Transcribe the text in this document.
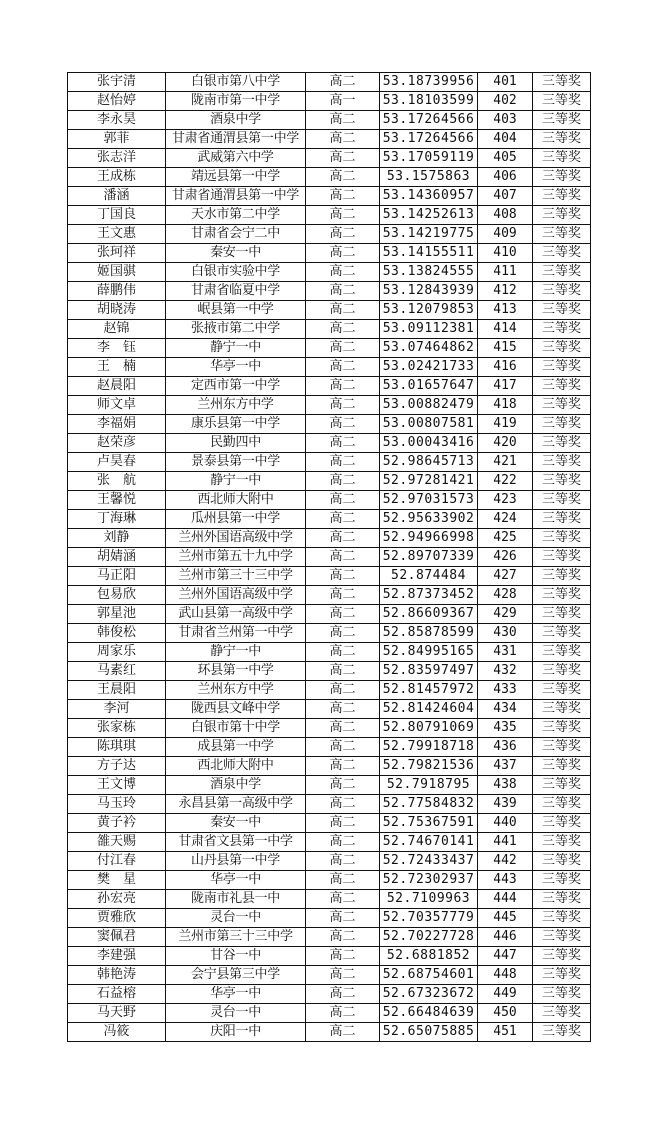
张宇清	白银市第八中学	高二	53.18739956	401	三等奖
赵怡婷	陇南市第一中学	高一	53.18103599	402	三等奖
李永昊	酒泉中学	高二	53.17264566	403	三等奖
郭菲	甘肃省通渭县第一中学	高二	53.17264566	404	三等奖
张志洋	武威第六中学	高二	53.17059119	405	三等奖
王成栋	靖远县第一中学	高二	53.1575863	406	三等奖
潘涵	甘肃省通渭县第一中学	高二	53.14360957	407	三等奖
丁国良	天水市第二中学	高二	53.14252613	408	三等奖
王文惠	甘肃省会宁二中	高二	53.14219775	409	三等奖
张珂祥	秦安一中	高二	53.14155511	410	三等奖
姬国骐	白银市实验中学	高二	53.13824555	411	三等奖
薛鹏伟	甘肃省临夏中学	高二	53.12843939	412	三等奖
胡晓涛	岷县第一中学	高二	53.12079853	413	三等奖
赵锦	张掖市第二中学	高二	53.09112381	414	三等奖
李　钰	静宁一中	高二	53.07464862	415	三等奖
王　楠	华亭一中	高二	53.02421733	416	三等奖
赵晨阳	定西市第一中学	高二	53.01657647	417	三等奖
师文卓	兰州东方中学	高二	53.00882479	418	三等奖
李福娟	康乐县第一中学	高二	53.00807581	419	三等奖
赵荣彦	民勤四中	高二	53.00043416	420	三等奖
卢昊春	景泰县第一中学	高二	52.98645713	421	三等奖
张　航	静宁一中	高二	52.97281421	422	三等奖
王馨悦	西北师大附中	高二	52.97031573	423	三等奖
丁海琳	瓜州县第一中学	高二	52.95633902	424	三等奖
刘静	兰州外国语高级中学	高二	52.94966998	425	三等奖
胡婧涵	兰州市第五十九中学	高二	52.89707339	426	三等奖
马正阳	兰州市第三十三中学	高二	52.874484	427	三等奖
包易欣	兰州外国语高级中学	高二	52.87373452	428	三等奖
郭星池	武山县第一高级中学	高二	52.86609367	429	三等奖
韩俊松	甘肃省兰州第一中学	高二	52.85878599	430	三等奖
周家乐	静宁一中	高二	52.84995165	431	三等奖
马素红	环县第一中学	高二	52.83597497	432	三等奖
王晨阳	兰州东方中学	高二	52.81457972	433	三等奖
李河	陇西县文峰中学	高二	52.81424604	434	三等奖
张家栋	白银市第十中学	高二	52.80791069	435	三等奖
陈琪琪	成县第一中学	高二	52.79918718	436	三等奖
方子达	西北师大附中	高二	52.79821536	437	三等奖
王文博	酒泉中学	高二	52.7918795	438	三等奖
马玉玲	永昌县第一高级中学	高二	52.77584832	439	三等奖
黄子衿	秦安一中	高二	52.75367591	440	三等奖
雒天赐	甘肃省文县第一中学	高二	52.74670141	441	三等奖
付江春	山丹县第一中学	高二	52.72433437	442	三等奖
樊　星	华亭一中	高二	52.72302937	443	三等奖
孙宏亮	陇南市礼县一中	高二	52.7109963	444	三等奖
贾雅欣	灵台一中	高二	52.70357779	445	三等奖
窦佩君	兰州市第三十三中学	高二	52.70227728	446	三等奖
李建强	甘谷一中	高二	52.6881852	447	三等奖
韩艳涛	会宁县第三中学	高二	52.68754601	448	三等奖
石益榕	华亭一中	高二	52.67323672	449	三等奖
马天野	灵台一中	高二	52.66484639	450	三等奖
冯筱	庆阳一中	高二	52.65075885	451	三等奖
